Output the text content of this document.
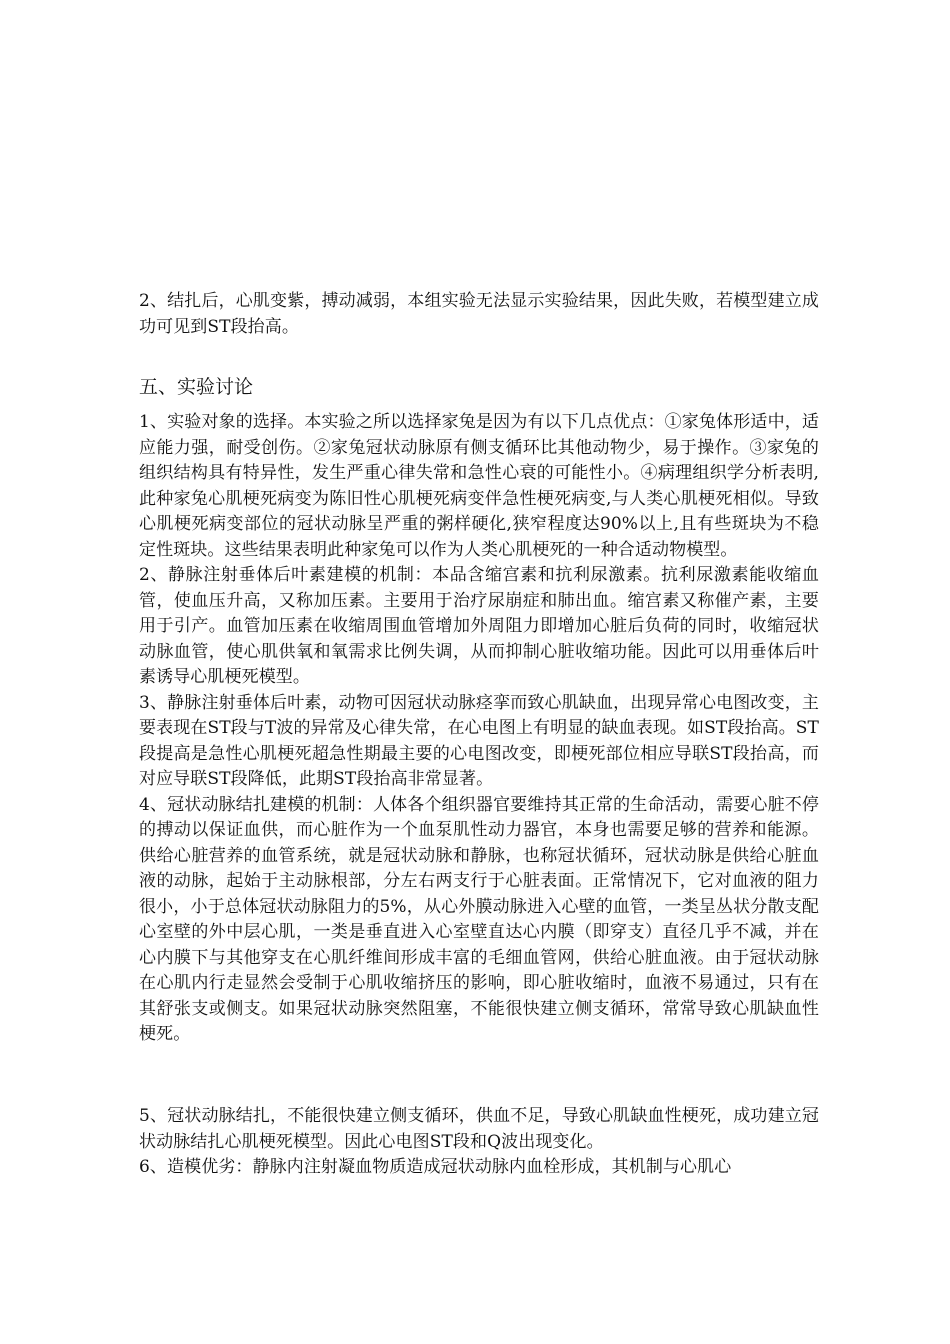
2、结扎后，心肌变紫，搏动减弱，本组实验无法显示实验结果，因此失败，若模型建立成功可见到ST段抬高。

五、实验讨论

1、实验对象的选择。本实验之所以选择家兔是因为有以下几点优点：①家兔体形适中，适应能力强，耐受创伤。②家兔冠状动脉原有侧支循环比其他动物少，易于操作。③家兔的组织结构具有特异性，发生严重心律失常和急性心衰的可能性小。④病理组织学分析表明,此种家兔心肌梗死病变为陈旧性心肌梗死病变伴急性梗死病变,与人类心肌梗死相似。导致心肌梗死病变部位的冠状动脉呈严重的粥样硬化,狭窄程度达90%以上,且有些斑块为不稳定性斑块。这些结果表明此种家兔可以作为人类心肌梗死的一种合适动物模型。

2、静脉注射垂体后叶素建模的机制：本品含缩宫素和抗利尿激素。抗利尿激素能收缩血管，使血压升高，又称加压素。主要用于治疗尿崩症和肺出血。缩宫素又称催产素，主要用于引产。血管加压素在收缩周围血管增加外周阻力即增加心脏后负荷的同时，收缩冠状动脉血管，使心肌供氧和氧需求比例失调，从而抑制心脏收缩功能。因此可以用垂体后叶素诱导心肌梗死模型。

3、静脉注射垂体后叶素，动物可因冠状动脉痉挛而致心肌缺血，出现异常心电图改变，主要表现在ST段与T波的异常及心律失常，在心电图上有明显的缺血表现。如ST段抬高。ST段提高是急性心肌梗死超急性期最主要的心电图改变，即梗死部位相应导联ST段抬高，而对应导联ST段降低，此期ST段抬高非常显著。

4、冠状动脉结扎建模的机制：人体各个组织器官要维持其正常的生命活动，需要心脏不停的搏动以保证血供，而心脏作为一个血泵肌性动力器官，本身也需要足够的营养和能源。供给心脏营养的血管系统，就是冠状动脉和静脉，也称冠状循环，冠状动脉是供给心脏血液的动脉，起始于主动脉根部，分左右两支行于心脏表面。正常情况下，它对血液的阻力很小，小于总体冠状动脉阻力的5%，从心外膜动脉进入心壁的血管，一类呈丛状分散支配心室壁的外中层心肌，一类是垂直进入心室壁直达心内膜（即穿支）直径几乎不减，并在心内膜下与其他穿支在心肌纤维间形成丰富的毛细血管网，供给心脏血液。由于冠状动脉在心肌内行走显然会受制于心肌收缩挤压的影响，即心脏收缩时，血液不易通过，只有在其舒张支或侧支。如果冠状动脉突然阻塞，不能很快建立侧支循环，常常导致心肌缺血性梗死。

5、冠状动脉结扎，不能很快建立侧支循环，供血不足，导致心肌缺血性梗死，成功建立冠状动脉结扎心肌梗死模型。因此心电图ST段和Q波出现变化。

6、造模优劣：静脉内注射凝血物质造成冠状动脉内血栓形成，其机制与心肌心
